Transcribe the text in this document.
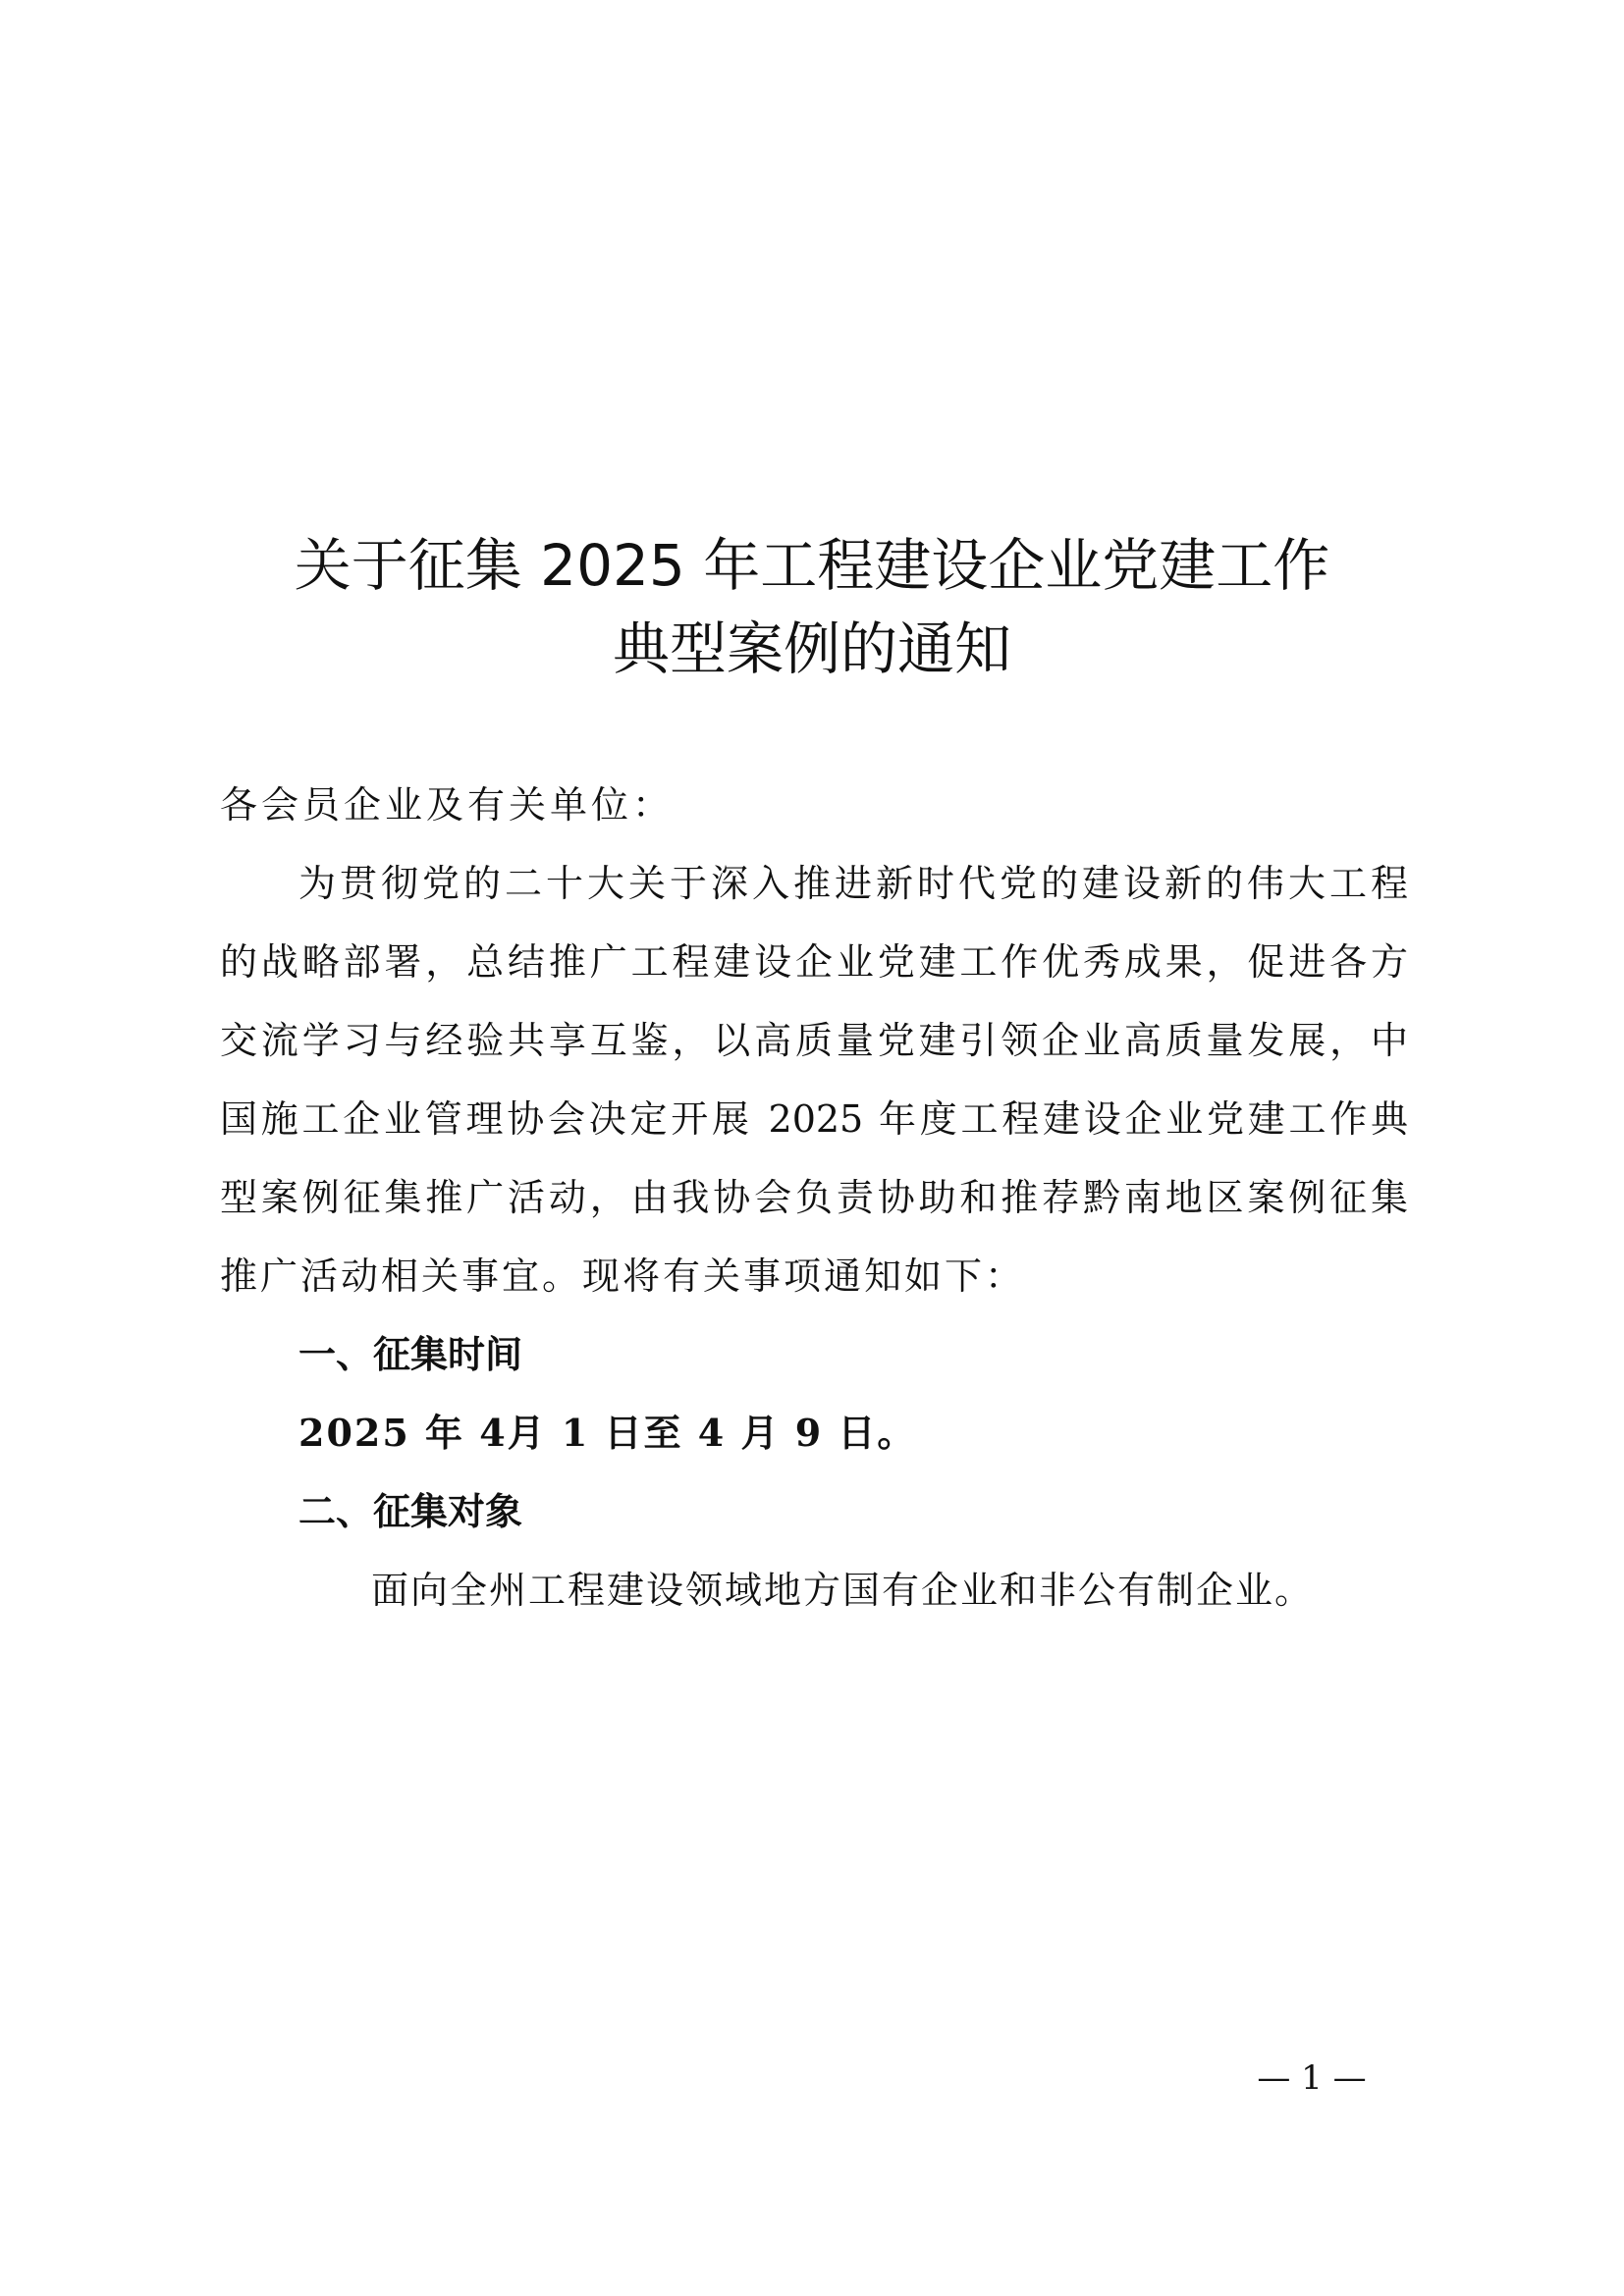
关于征集 2025 年工程建设企业党建工作
典型案例的通知

各会员企业及有关单位：

为贯彻党的二十大关于深入推进新时代党的建设新的伟大工程

的战略部署，总结推广工程建设企业党建工作优秀成果，促进各方

交流学习与经验共享互鉴，以高质量党建引领企业高质量发展，中

国施工企业管理协会决定开展 2025 年度工程建设企业党建工作典

型案例征集推广活动，由我协会负责协助和推荐黔南地区案例征集

推广活动相关事宜。现将有关事项通知如下：

一、征集时间

2025 年 4月 1 日至 4 月 9 日。

二、征集对象

面向全州工程建设领域地方国有企业和非公有制企业。

— 1 —
